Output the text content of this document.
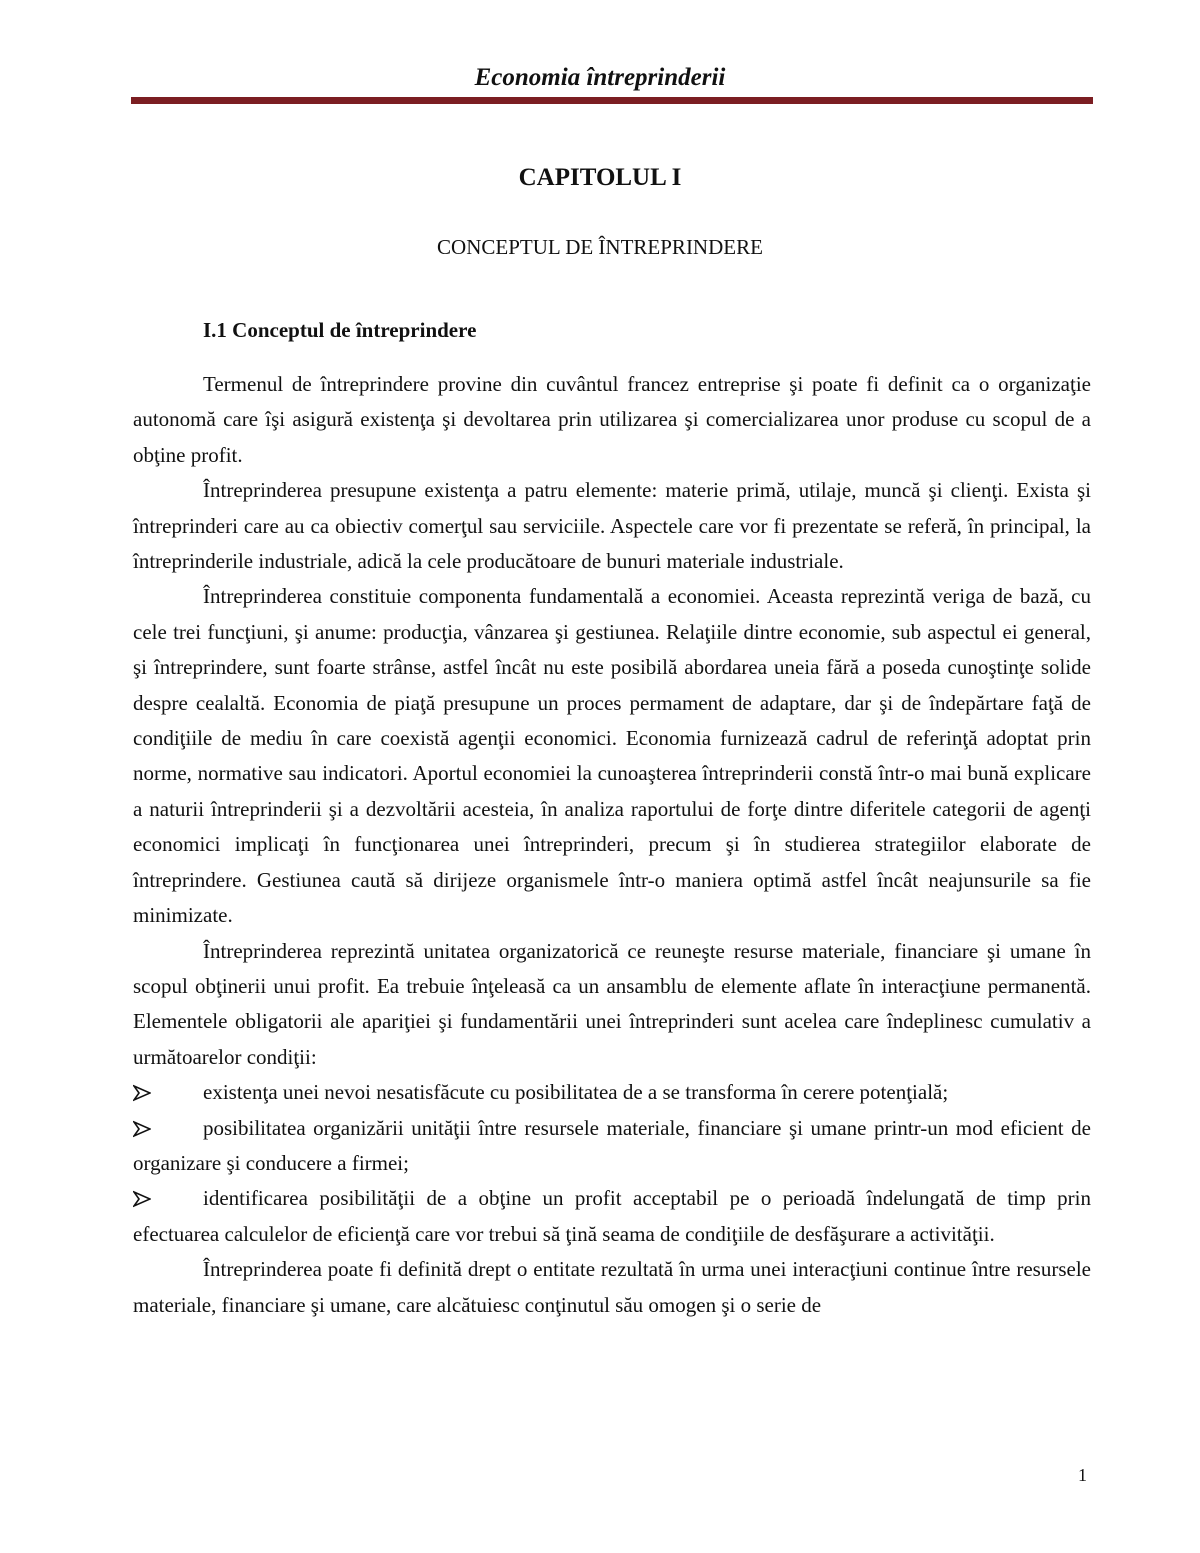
Economia întreprinderii
CAPITOLUL I
CONCEPTUL DE ÎNTREPRINDERE
I.1 Conceptul de întreprindere

Termenul de întreprindere provine din cuvântul francez entreprise şi poate fi definit ca o organizaţie autonomă care îşi asigură existenţa şi devoltarea prin utilizarea şi comercializarea unor produse cu scopul de a obţine profit.

Întreprinderea presupune existenţa a patru elemente: materie primă, utilaje, muncă şi clienţi. Exista şi întreprinderi care au ca obiectiv comerţul sau serviciile. Aspectele care vor fi prezentate se referă, în principal, la întreprinderile industriale, adică la cele producătoare de bunuri materiale industriale.

Întreprinderea constituie componenta fundamentală a economiei. Aceasta reprezintă veriga de bază, cu cele trei funcţiuni, şi anume: producţia, vânzarea şi gestiunea. Relaţiile dintre economie, sub aspectul ei general, şi întreprindere, sunt foarte strânse, astfel încât nu este posibilă abordarea uneia fără a poseda cunoştinţe solide despre cealaltă. Economia de piaţă presupune un proces permament de adaptare, dar şi de îndepărtare faţă de condiţiile de mediu în care coexistă agenţii economici. Economia furnizează cadrul de referinţă adoptat prin norme, normative sau indicatori. Aportul economiei la cunoaşterea întreprinderii constă într-o mai bună explicare a naturii întreprinderii şi a dezvoltării acesteia, în analiza raportului de forţe dintre diferitele categorii de agenţi economici implicaţi în funcţionarea unei întreprinderi, precum şi în studierea strategiilor elaborate de întreprindere. Gestiunea caută să dirijeze organismele într-o maniera optimă astfel încât neajunsurile sa fie minimizate.

Întreprinderea reprezintă unitatea organizatorică ce reuneşte resurse materiale, financiare şi umane în scopul obţinerii unui profit. Ea trebuie înţeleasă ca un ansamblu de elemente aflate în interacţiune permanentă. Elementele obligatorii ale apariţiei şi fundamentării unei întreprinderi sunt acelea care îndeplinesc cumulativ a următoarelor condiţii:

existenţa unei nevoi nesatisfăcute cu posibilitatea de a se transforma în cerere potenţială;
posibilitatea organizării unităţii între resursele materiale, financiare şi umane printr-un mod eficient de organizare şi conducere a firmei;
identificarea posibilităţii de a obţine un profit acceptabil pe o perioadă îndelungată de timp prin efectuarea calculelor de eficienţă care vor trebui să ţină seama de condiţiile de desfăşurare a activităţii.

Întreprinderea poate fi definită drept o entitate rezultată în urma unei interacţiuni continue între resursele materiale, financiare şi umane, care alcătuiesc conţinutul său omogen şi o serie de

1
